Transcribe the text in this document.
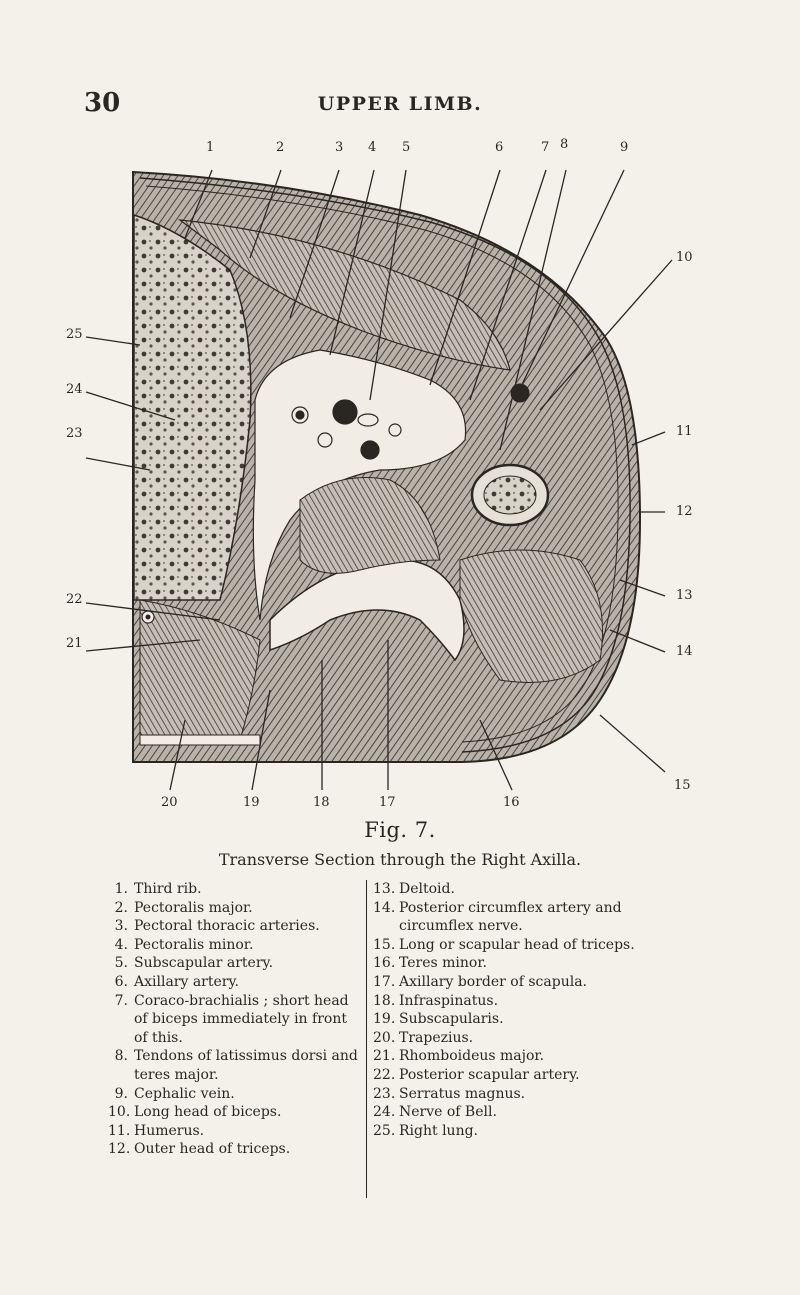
30	UPPER LIMB.
1	2	3 4 5	6	7 8	9
10
11
12
13
14
15
16
17
18
19
20
21
22
23
24
25
Fig. 7.
Transverse Section through the Right Axilla.
1. Third rib.
2. Pectoralis major.
3. Pectoral thoracic arteries.
4. Pectoralis minor.
5. Subscapular artery.
6. Axillary artery.
7. Coraco-brachialis ; short head of biceps immediately in front of this.
8. Tendons of latissimus dorsi and teres major.
9. Cephalic vein.
10. Long head of biceps.
11. Humerus.
12. Outer head of triceps.
13. Deltoid.
14. Posterior circumflex artery and circumflex nerve.
15. Long or scapular head of triceps.
16. Teres minor.
17. Axillary border of scapula.
18. Infraspinatus.
19. Subscapularis.
20. Trapezius.
21. Rhomboideus major.
22. Posterior scapular artery.
23. Serratus magnus.
24. Nerve of Bell.
25. Right lung.
